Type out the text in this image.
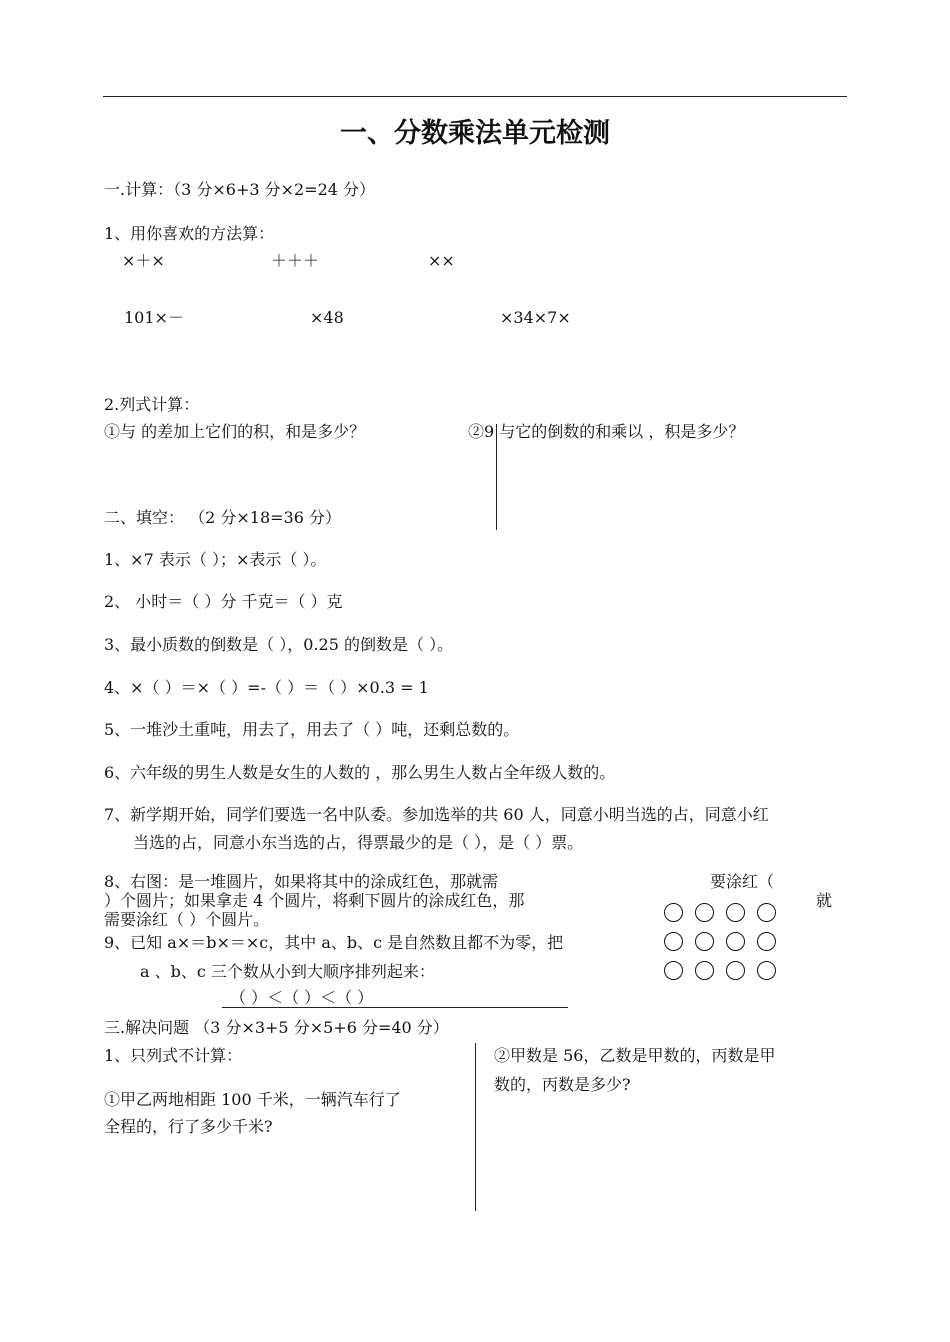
一、分数乘法单元检测
一.计算：（3 分×6+3 分×2=24 分）
1、用你喜欢的方法算：
×＋×	＋＋＋	××
101×－	×48	×34×7×
2.列式计算：
①与 的差加上它们的积，和是多少？	②9 与它的倒数的和乘以 ，积是多少？
二、填空： （2 分×18=36 分）
1、×7 表示（ ）；×表示（ ）。
2、 小时＝（ ）分 千克＝（ ）克
3、最小质数的倒数是（ ），0.25 的倒数是（ ）。
4、×（ ）＝×（ ）=-（ ）＝（ ）×0.3 = 1
5、一堆沙土重吨，用去了，用去了（ ）吨，还剩总数的。
6、六年级的男生人数是女生的人数的 ，那么男生人数占全年级人数的。
7、新学期开始，同学们要选一名中队委。参加选举的共 60 人，同意小明当选的占，同意小红
当选的占，同意小东当选的占，得票最少的是（ ），是（ ）票。
8、右图：是一堆圆片，如果将其中的涂成红色，那就需	要涂红（
）个圆片；如果拿走 4 个圆片，将剩下圆片的涂成红色，那	就
需要涂红（ ）个圆片。
9、已知 a×＝b×＝×c，其中 a、b、c 是自然数且都不为零，把
a 、b、c 三个数从小到大顺序排列起来：
（ ）＜（ ）＜（ ）
三.解决问题 （3 分×3+5 分×5+6 分=40 分）
1、只列式不计算：
①甲乙两地相距 100 千米，一辆汽车行了
全程的，行了多少千米?
②甲数是 56，乙数是甲数的，丙数是甲
数的，丙数是多少?
